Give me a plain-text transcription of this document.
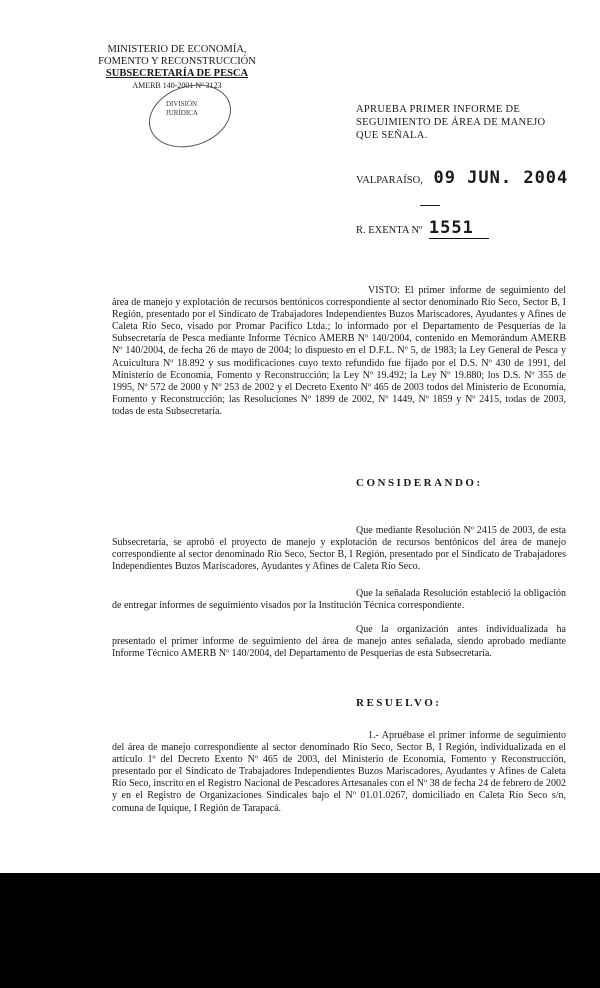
MINISTERIO DE ECONOMÍA,
FOMENTO Y RECONSTRUCCIÓN
SUBSECRETARÍA DE PESCA
AMERB 140-2001 Nº 3123
DIVISIÓN
JURÍDICA	APRUEBA PRIMER INFORME DE SEGUIMIENTO DE ÁREA DE MANEJO QUE SEÑALA.
VALPARAÍSO, 09 JUN. 2004
R. EXENTA Nº 1551
VISTO: El primer informe de seguimiento del área de manejo y explotación de recursos bentónicos correspondiente al sector denominado Río Seco, Sector B, I Región, presentado por el Sindicato de Trabajadores Independientes Buzos Mariscadores, Ayudantes y Afines de Caleta Río Seco, visado por Promar Pacífico Ltda.; lo informado por el Departamento de Pesquerías de la Subsecretaría de Pesca mediante Informe Técnico AMERB Nº 140/2004, contenido en Memorándum AMERB Nº 140/2004, de fecha 26 de mayo de 2004; lo dispuesto en el D.F.L. Nº 5, de 1983; la Ley General de Pesca y Acuicultura Nº 18.892 y sus modificaciones cuyo texto refundido fue fijado por el D.S. Nº 430 de 1991, del Ministerio de Economía, Fomento y Reconstrucción; la Ley Nº 19.492; la Ley Nº 19.880; los D.S. Nº 355 de 1995, Nº 572 de 2000 y Nº 253 de 2002 y el Decreto Exento Nº 465 de 2003 todos del Ministerio de Economía, Fomento y Reconstrucción; las Resoluciones Nº 1899 de 2002, Nº 1449, Nº 1859 y Nº 2415, todas de 2003, todas de esta Subsecretaría.
CONSIDERANDO:
Que mediante Resolución Nº 2415 de 2003, de esta Subsecretaría, se aprobó el proyecto de manejo y explotación de recursos bentónicos del área de manejo correspondiente al sector denominado Río Seco, Sector B, I Región, presentado por el Sindicato de Trabajadores Independientes Buzos Mariscadores, Ayudantes y Afines de Caleta Río Seco.
Que la señalada Resolución estableció la obligación de entregar informes de seguimiento visados por la Institución Técnica correspondiente.
Que la organización antes individualizada ha presentado el primer informe de seguimiento del área de manejo antes señalada, siendo aprobado mediante Informe Técnico AMERB Nº 140/2004, del Departamento de Pesquerías de esta Subsecretaría.
RESUELVO:
1.- Apruébase el primer informe de seguimiento del área de manejo correspondiente al sector denominado Río Seco, Sector B, I Región, individualizada en el artículo 1º del Decreto Exento Nº 465 de 2003, del Ministerio de Economía, Fomento y Reconstrucción, presentado por el Sindicato de Trabajadores Independientes Buzos Mariscadores, Ayudantes y Afines de Caleta Río Seco, inscrito en el Registro Nacional de Pescadores Artesanales con el Nº 38 de fecha 24 de febrero de 2002 y en el Registro de Organizaciones Sindicales bajo el Nº 01.01.0267, domiciliado en Caleta Río Seco s/n, comuna de Iquique, I Región de Tarapacá.
